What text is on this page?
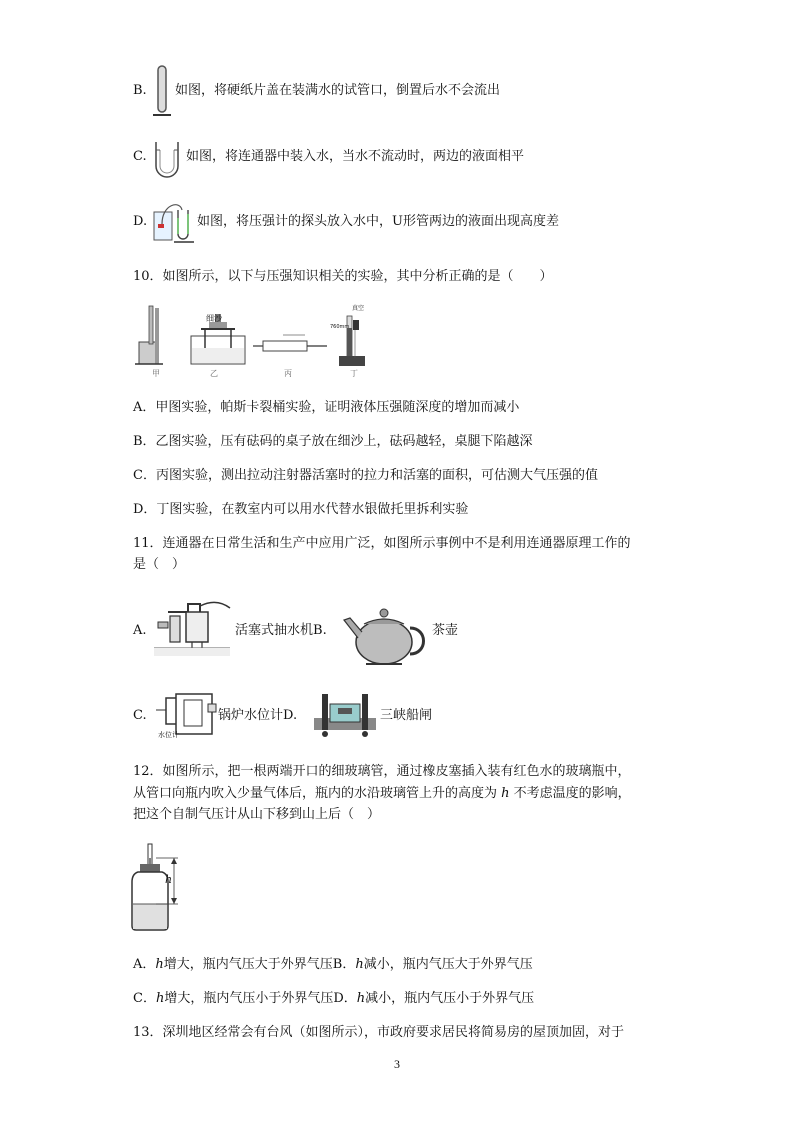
B. 如图，将硬纸片盖在装满水的试管口，倒置后水不会流出
C.	如图，将连通器中装入水，当水不流动时，两边的液面相平
D.	如图，将压强计的探头放入水中，U形管两边的液面出现高度差
10．如图所示，以下与压强知识相关的实验，其中分析正确的是（　　）
细沙
真空
760mm
甲	乙	丙	丁
A．甲图实验，帕斯卡裂桶实验，证明液体压强随深度的增加而减小
B．乙图实验，压有砝码的桌子放在细沙上，砝码越轻，桌腿下陷越深
C．丙图实验，测出拉动注射器活塞时的拉力和活塞的面积，可估测大气压强的值
D．丁图实验，在教室内可以用水代替水银做托里拆利实验
11．连通器在日常生活和生产中应用广泛，如图所示事例中不是利用连通器原理工作的
是（　）
A.	活塞式抽水机B.	茶壶
C.
水位计
锅炉水位计D.	三峡船闸
12．如图所示，把一根两端开口的细玻璃管，通过橡皮塞插入装有红色水的玻璃瓶中，
从管口向瓶内吹入少量气体后，瓶内的水沿玻璃管上升的高度为 h 不考虑温度的影响，
把这个自制气压计从山下移到山上后（　）
h
A．h增大，瓶内气压大于外界气压B．h减小，瓶内气压大于外界气压
C．h增大，瓶内气压小于外界气压D．h减小，瓶内气压小于外界气压
13．深圳地区经常会有台风（如图所示），市政府要求居民将简易房的屋顶加固，对于
3
